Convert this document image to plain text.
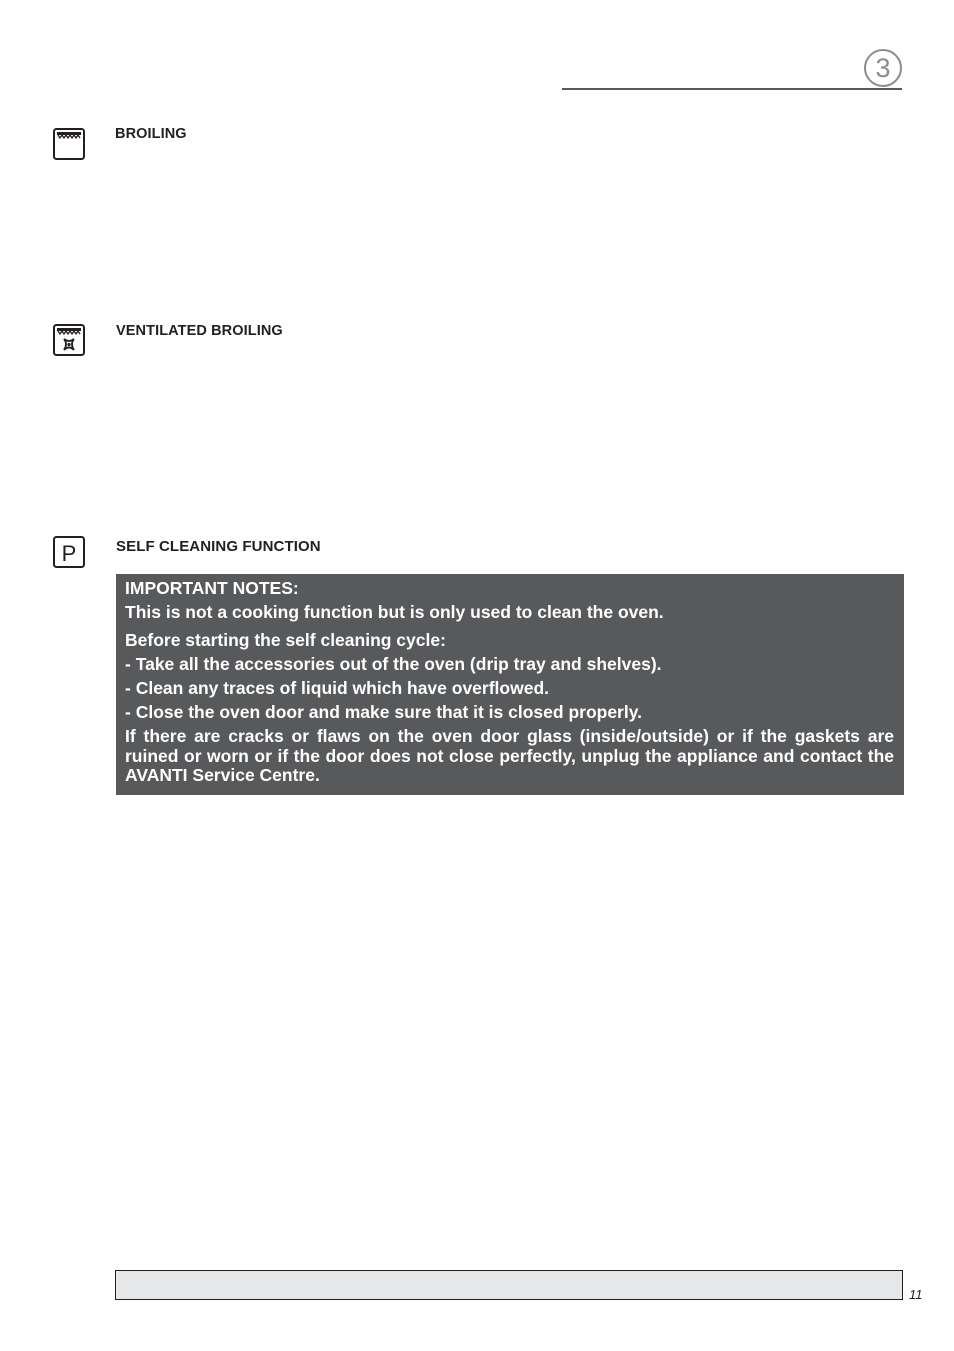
3
BROILING
VENTILATED BROILING
P	SELF CLEANING FUNCTION
IMPORTANT NOTES:
This is not a cooking function but is only used to clean the oven.
Before starting the self cleaning cycle:
- Take all the accessories out of the oven (drip tray and shelves).
- Clean any traces of liquid which have overflowed.
- Close the oven door and make sure that it is closed properly.
If there are cracks or flaws on the oven door glass (inside/outside) or if the gaskets are ruined or worn or if the door does not close perfectly, unplug the appliance and contact the AVANTI Service Centre.
11
